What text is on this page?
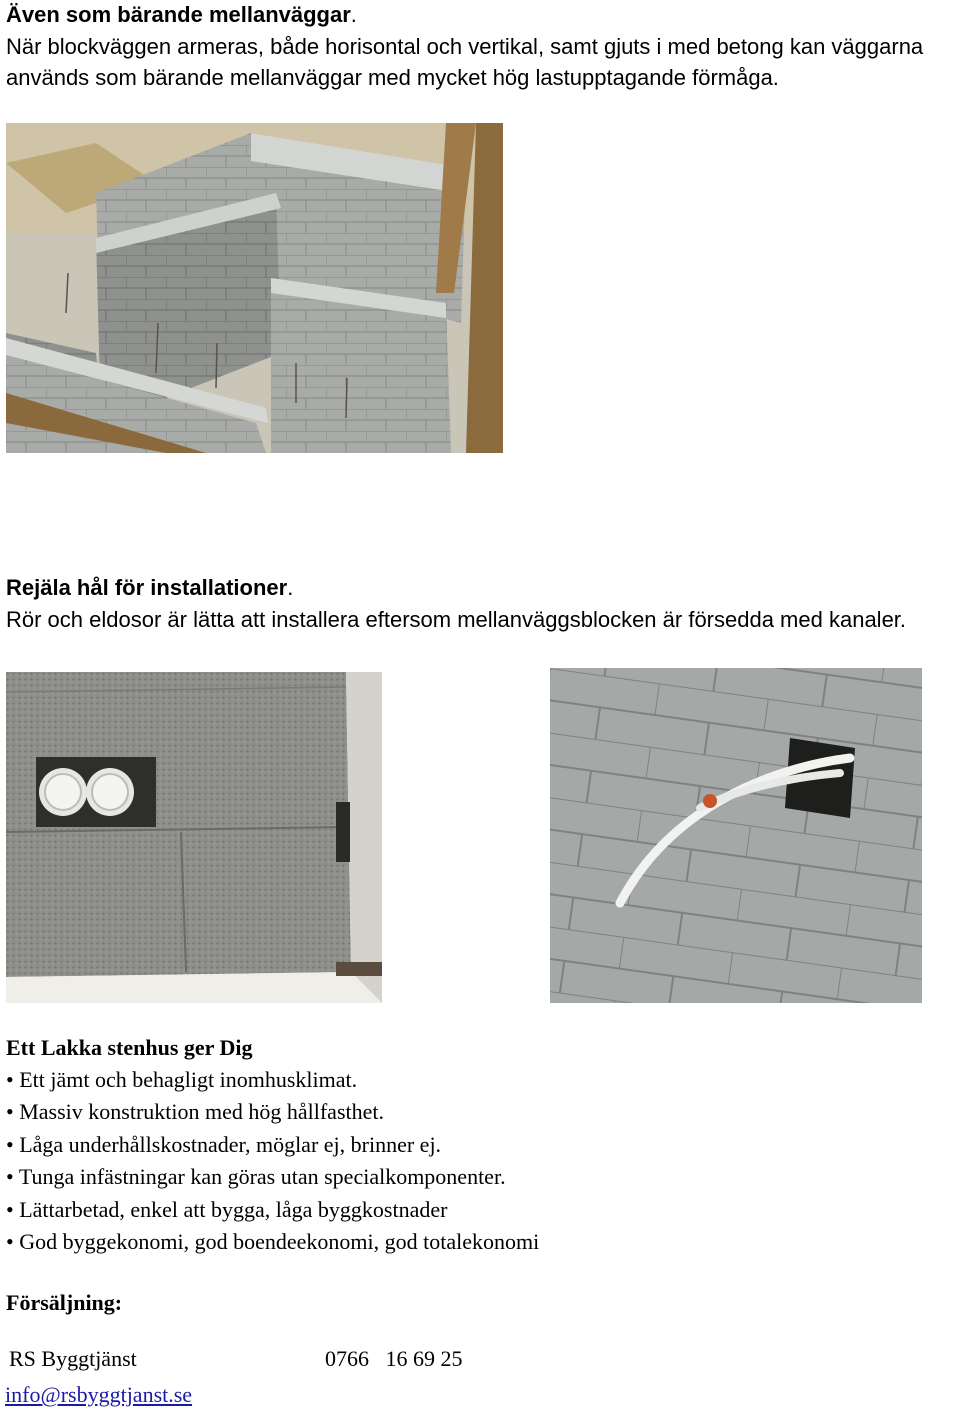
Även som bärande mellanväggar.
När blockväggen armeras, både horisontal och vertikal, samt gjuts i med betong kan väggarna
används som bärande mellanväggar med mycket hög lastupptagande förmåga.
Rejäla hål för installationer.
Rör och eldosor är lätta att installera eftersom mellanväggsblocken är försedda med kanaler.
Ett Lakka stenhus ger Dig
• Ett jämt och behagligt inomhusklimat.
• Massiv konstruktion med hög hållfasthet.
• Låga underhållskostnader, möglar ej, brinner ej.
• Tunga infästningar kan göras utan specialkomponenter.
• Lättarbetad, enkel att bygga, låga byggkostnader
• God byggekonomi, god boendeekonomi, god totalekonomi
Försäljning:
RS Byggtjänst	0766   16 69 25
info@rsbyggtjanst.se
